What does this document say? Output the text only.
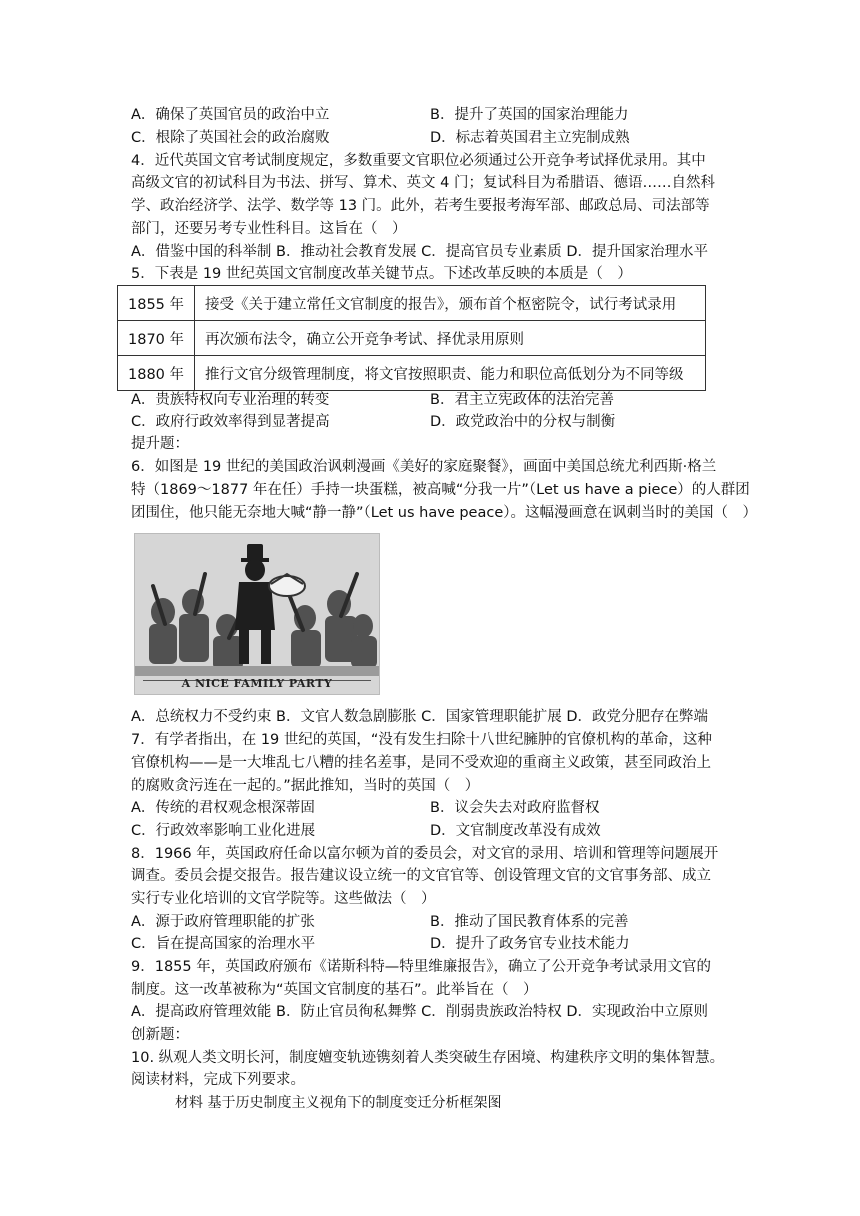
A．确保了英国官员的政治中立	B．提升了英国的国家治理能力
C．根除了英国社会的政治腐败	D．标志着英国君主立宪制成熟
4．近代英国文官考试制度规定，多数重要文官职位必须通过公开竞争考试择优录用。其中
高级文官的初试科目为书法、拼写、算术、英文 4 门；复试科目为希腊语、德语……自然科
学、政治经济学、法学、数学等 13 门。此外，若考生要报考海军部、邮政总局、司法部等
部门，还要另考专业性科目。这旨在（　）
A．借鉴中国的科举制 B．推动社会教育发展 C．提高官员专业素质 D．提升国家治理水平
5．下表是 19 世纪英国文官制度改革关键节点。下述改革反映的本质是（　）
1855 年	接受《关于建立常任文官制度的报告》，颁布首个枢密院令，试行考试录用
1870 年	再次颁布法令，确立公开竞争考试、择优录用原则
1880 年	推行文官分级管理制度，将文官按照职责、能力和职位高低划分为不同等级
A．贵族特权向专业治理的转变	B．君主立宪政体的法治完善
C．政府行政效率得到显著提高	D．政党政治中的分权与制衡
提升题：
6．如图是 19 世纪的美国政治讽刺漫画《美好的家庭聚餐》，画面中美国总统尤利西斯·格兰
特（1869～1877 年在任）手持一块蛋糕，被高喊“分我一片”（Let us have a piece）的人群团
团围住，他只能无奈地大喊“静一静”（Let us have peace）。这幅漫画意在讽刺当时的美国（　）
A NICE FAMILY PARTY
A．总统权力不受约束 B．文官人数急剧膨胀 C．国家管理职能扩展 D．政党分肥存在弊端
7．有学者指出，在 19 世纪的英国，“没有发生扫除十八世纪臃肿的官僚机构的革命，这种
官僚机构——是一大堆乱七八糟的挂名差事，是同不受欢迎的重商主义政策，甚至同政治上
的腐败贪污连在一起的。”据此推知，当时的英国（　）
A．传统的君权观念根深蒂固	B．议会失去对政府监督权
C．行政效率影响工业化进展	D．文官制度改革没有成效
8．1966 年，英国政府任命以富尔顿为首的委员会，对文官的录用、培训和管理等问题展开
调查。委员会提交报告。报告建议设立统一的文官官等、创设管理文官的文官事务部、成立
实行专业化培训的文官学院等。这些做法（　）
A．源于政府管理职能的扩张	B．推动了国民教育体系的完善
C．旨在提高国家的治理水平	D．提升了政务官专业技术能力
9．1855 年，英国政府颁布《诺斯科特—特里维廉报告》，确立了公开竞争考试录用文官的
制度。这一改革被称为“英国文官制度的基石”。此举旨在（　）
A．提高政府管理效能 B．防止官员徇私舞弊 C．削弱贵族政治特权 D．实现政治中立原则
创新题：
10. 纵观人类文明长河，制度嬗变轨迹镌刻着人类突破生存困境、构建秩序文明的集体智慧。
阅读材料，完成下列要求。
材料 基于历史制度主义视角下的制度变迁分析框架图
